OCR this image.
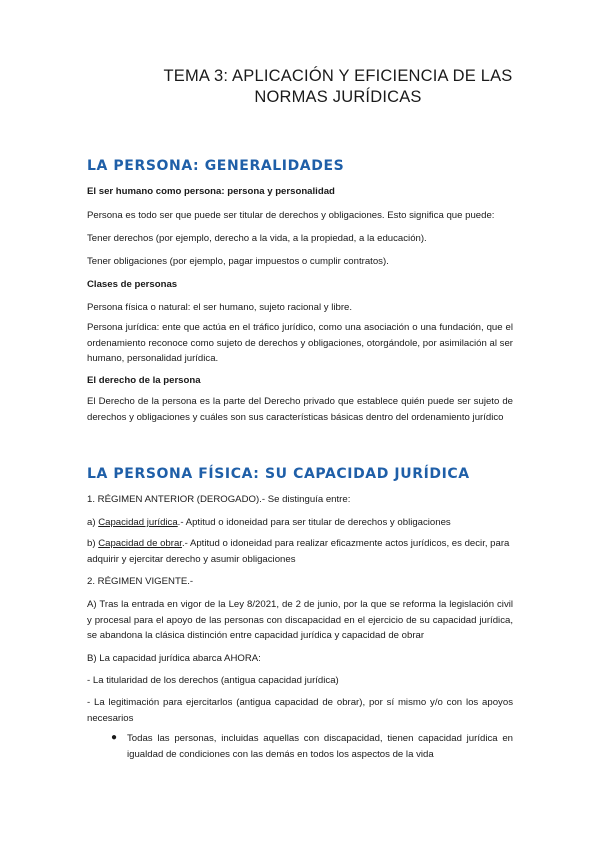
TEMA 3: APLICACIÓN Y EFICIENCIA DE LAS
NORMAS JURÍDICAS
LA PERSONA: GENERALIDADES
El ser humano como persona: persona y personalidad
Persona es todo ser que puede ser titular de derechos y obligaciones. Esto significa que puede:
Tener derechos (por ejemplo, derecho a la vida, a la propiedad, a la educación).
Tener obligaciones (por ejemplo, pagar impuestos o cumplir contratos).
Clases de personas
Persona física o natural: el ser humano, sujeto racional y libre.
Persona jurídica: ente que actúa en el tráfico jurídico, como una asociación o una fundación, que el ordenamiento reconoce como sujeto de derechos y obligaciones, otorgándole, por asimilación al ser humano, personalidad jurídica.
El derecho de la persona
El Derecho de la persona es la parte del Derecho privado que establece quién puede ser sujeto de derechos y obligaciones y cuáles son sus características básicas dentro del ordenamiento jurídico
LA PERSONA FÍSICA: SU CAPACIDAD JURÍDICA
1. RÉGIMEN ANTERIOR (DEROGADO).- Se distinguía entre:
a) Capacidad jurídica.- Aptitud o idoneidad para ser titular de derechos y obligaciones
b) Capacidad de obrar.- Aptitud o idoneidad para realizar eficazmente actos jurídicos, es decir, para adquirir y ejercitar derecho y asumir obligaciones
2. RÉGIMEN VIGENTE.-
A) Tras la entrada en vigor de la Ley 8/2021, de 2 de junio, por la que se reforma la legislación civil y procesal para el apoyo de las personas con discapacidad en el ejercicio de su capacidad jurídica, se abandona la clásica distinción entre capacidad jurídica y capacidad de obrar
B) La capacidad jurídica abarca AHORA:
- La titularidad de los derechos (antigua capacidad jurídica)
- La legitimación para ejercitarlos (antigua capacidad de obrar), por sí mismo y/o con los apoyos necesarios
● Todas las personas, incluidas aquellas con discapacidad, tienen capacidad jurídica en igualdad de condiciones con las demás en todos los aspectos de la vida
